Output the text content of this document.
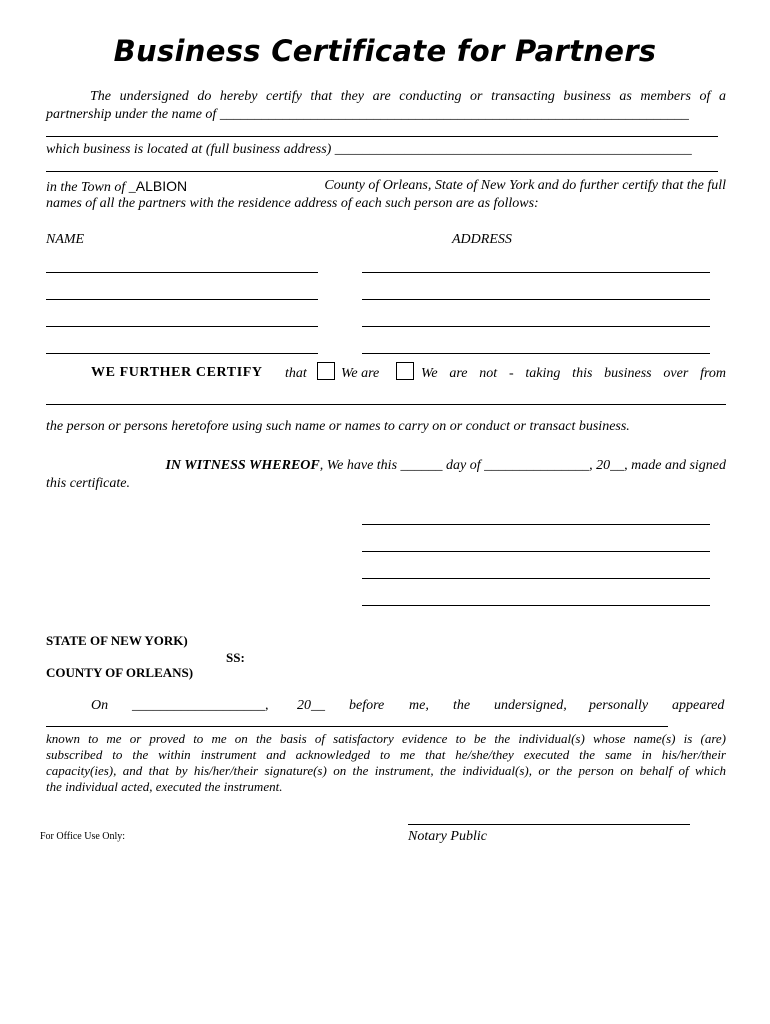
Business Certificate for Partners
The undersigned do hereby certify that they are conducting or transacting business as members of a
partnership under the name of ___________________________________________________________________
which business is located at (full business address) ___________________________________________________
in the Town of _ALBION	County of Orleans, State of New York and do further certify that the full
names of all the partners with the residence address of each such person are as follows:
NAME	ADDRESS
WE FURTHER CERTIFY that We are	We are not - taking this business over from
the person or persons heretofore using such name or names to carry on or conduct or transact business.
IN WITNESS WHEREOF, We have this ______ day of _______________, 20__, made and signed
this certificate.
STATE OF NEW YORK)
SS:
COUNTY OF ORLEANS)
On ___________________, 20__ before me, the undersigned, personally appeared
known to me or proved to me on the basis of satisfactory evidence to be the individual(s) whose name(s) is (are)
subscribed to the within instrument and acknowledged to me that he/she/they executed the same in his/her/their
capacity(ies), and that by his/her/their signature(s) on the instrument, the individual(s), or the person on behalf of which
the individual acted, executed the instrument.
For Office Use Only:	Notary Public
